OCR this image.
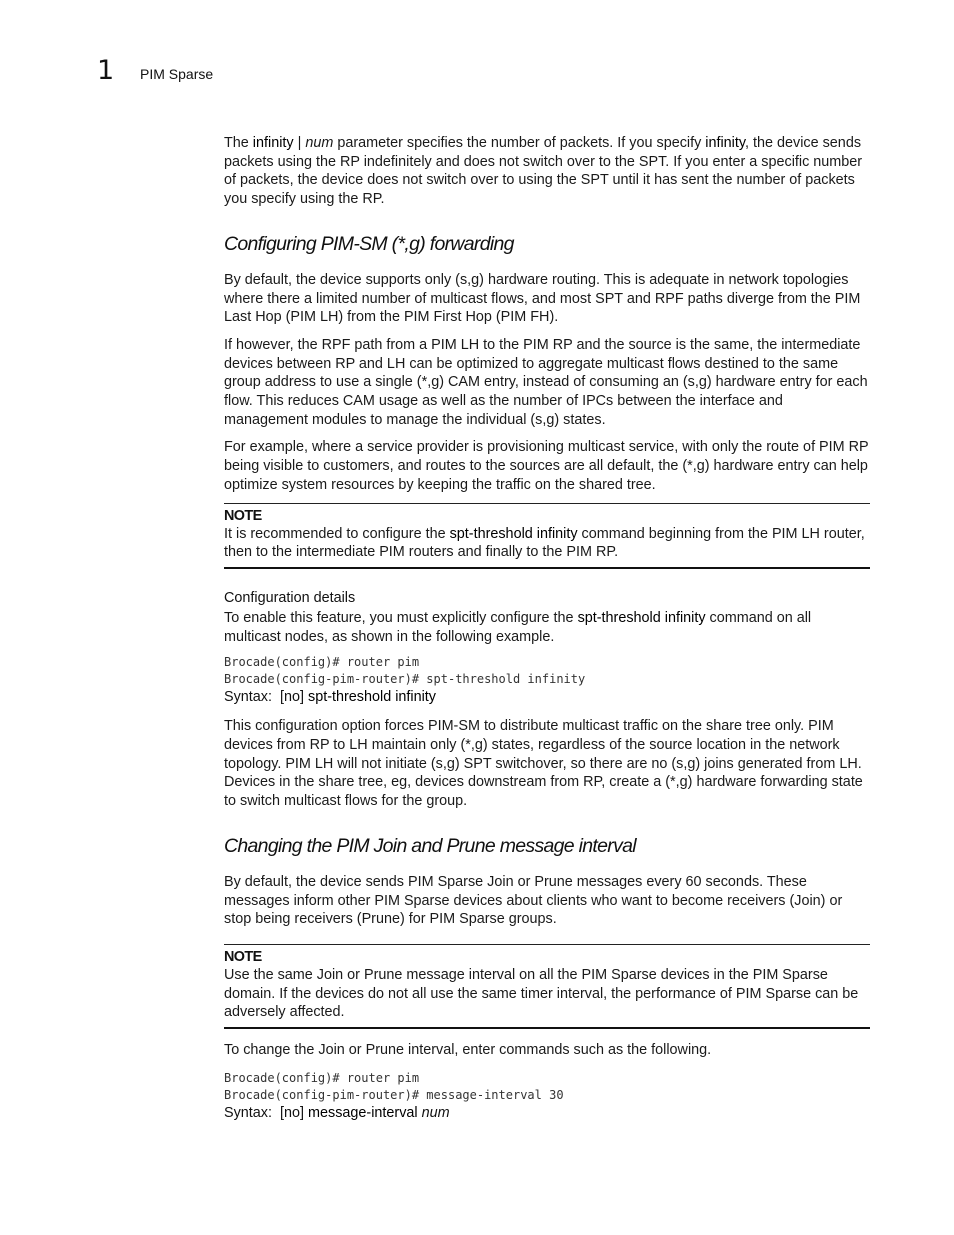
1 PIM Sparse

The infinity | num parameter specifies the number of packets. If you specify infinity, the device sends packets using the RP indefinitely and does not switch over to the SPT. If you enter a specific number of packets, the device does not switch over to using the SPT until it has sent the number of packets you specify using the RP.

Configuring PIM-SM (*,g) forwarding

By default, the device supports only (s,g) hardware routing. This is adequate in network topologies where there a limited number of multicast flows, and most SPT and RPF paths diverge from the PIM Last Hop (PIM LH) from the PIM First Hop (PIM FH).

If however, the RPF path from a PIM LH to the PIM RP and the source is the same, the intermediate devices between RP and LH can be optimized to aggregate multicast flows destined to the same group address to use a single (*,g) CAM entry, instead of consuming an (s,g) hardware entry for each flow. This reduces CAM usage as well as the number of IPCs between the interface and management modules to manage the individual (s,g) states.

For example, where a service provider is provisioning multicast service, with only the route of PIM RP being visible to customers, and routes to the sources are all default, the (*,g) hardware entry can help optimize system resources by keeping the traffic on the shared tree.

NOTE

It is recommended to configure the spt-threshold infinity command beginning from the PIM LH router, then to the intermediate PIM routers and finally to the PIM RP.

Configuration details

To enable this feature, you must explicitly configure the spt-threshold infinity command on all multicast nodes, as shown in the following example.

Brocade(config)# router pim
Brocade(config-pim-router)# spt-threshold infinity
Syntax:  [no] spt-threshold infinity

This configuration option forces PIM-SM to distribute multicast traffic on the share tree only. PIM devices from RP to LH maintain only (*,g) states, regardless of the source location in the network topology. PIM LH will not initiate (s,g) SPT switchover, so there are no (s,g) joins generated from LH. Devices in the share tree, eg, devices downstream from RP, create a (*,g) hardware forwarding state to switch multicast flows for the group.

Changing the PIM Join and Prune message interval

By default, the device sends PIM Sparse Join or Prune messages every 60 seconds. These messages inform other PIM Sparse devices about clients who want to become receivers (Join) or stop being receivers (Prune) for PIM Sparse groups.

NOTE

Use the same Join or Prune message interval on all the PIM Sparse devices in the PIM Sparse domain. If the devices do not all use the same timer interval, the performance of PIM Sparse can be adversely affected.

To change the Join or Prune interval, enter commands such as the following.

Brocade(config)# router pim
Brocade(config-pim-router)# message-interval 30
Syntax:  [no] message-interval num
